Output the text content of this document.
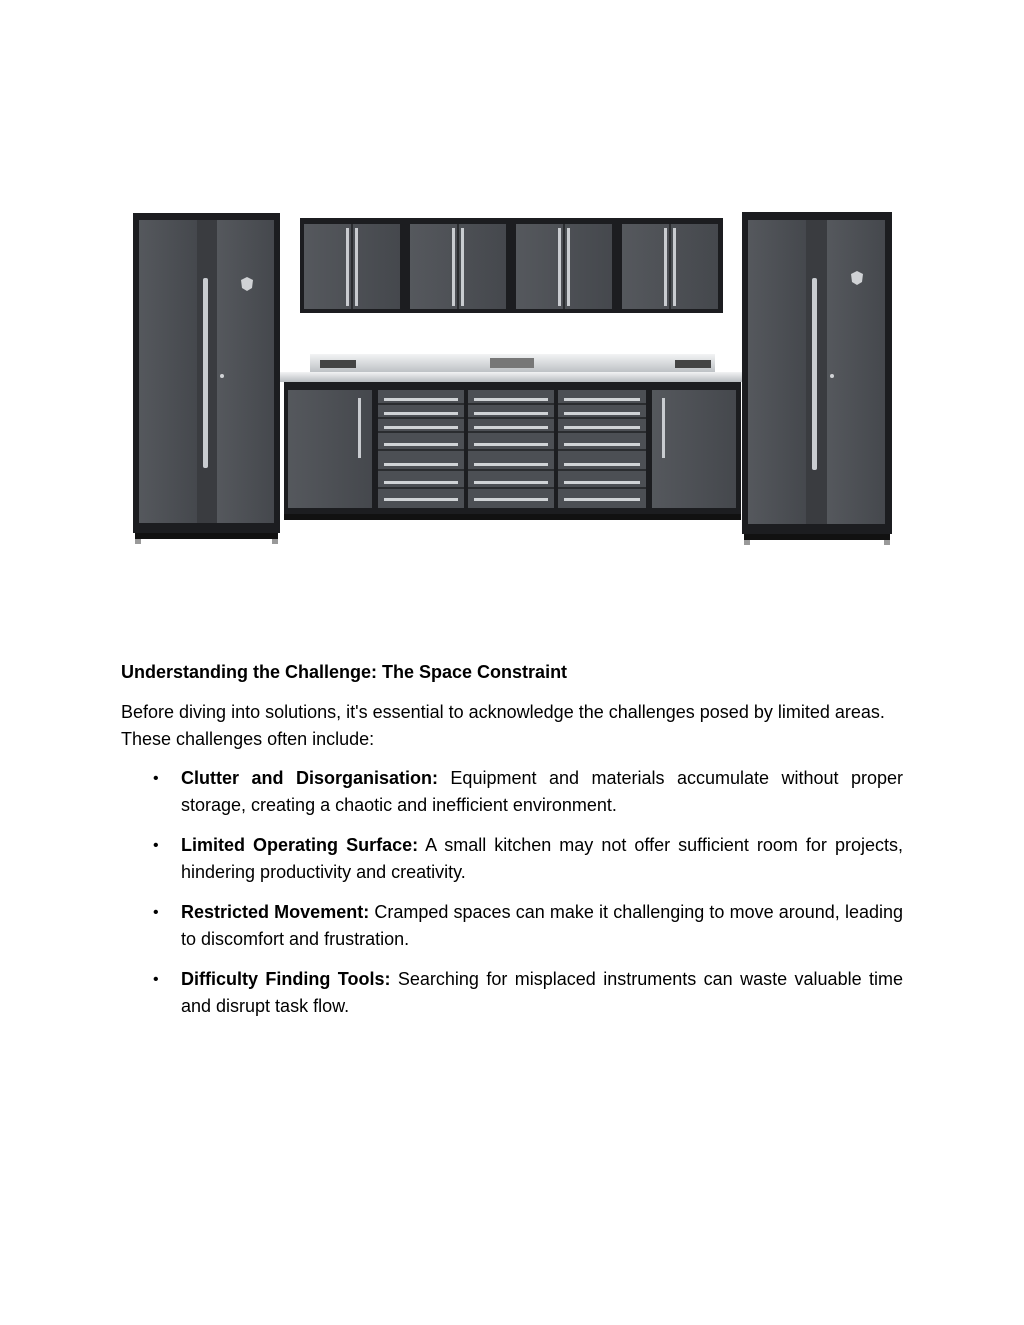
Understanding the Challenge: The Space Constraint

Before diving into solutions, it's essential to acknowledge the challenges posed by limited areas. These challenges often include:

• Clutter and Disorganisation: Equipment and materials accumulate without proper storage, creating a chaotic and inefficient environment.
• Limited Operating Surface: A small kitchen may not offer sufficient room for projects, hindering productivity and creativity.
• Restricted Movement: Cramped spaces can make it challenging to move around, leading to discomfort and frustration.
• Difficulty Finding Tools: Searching for misplaced instruments can waste valuable time and disrupt task flow.
